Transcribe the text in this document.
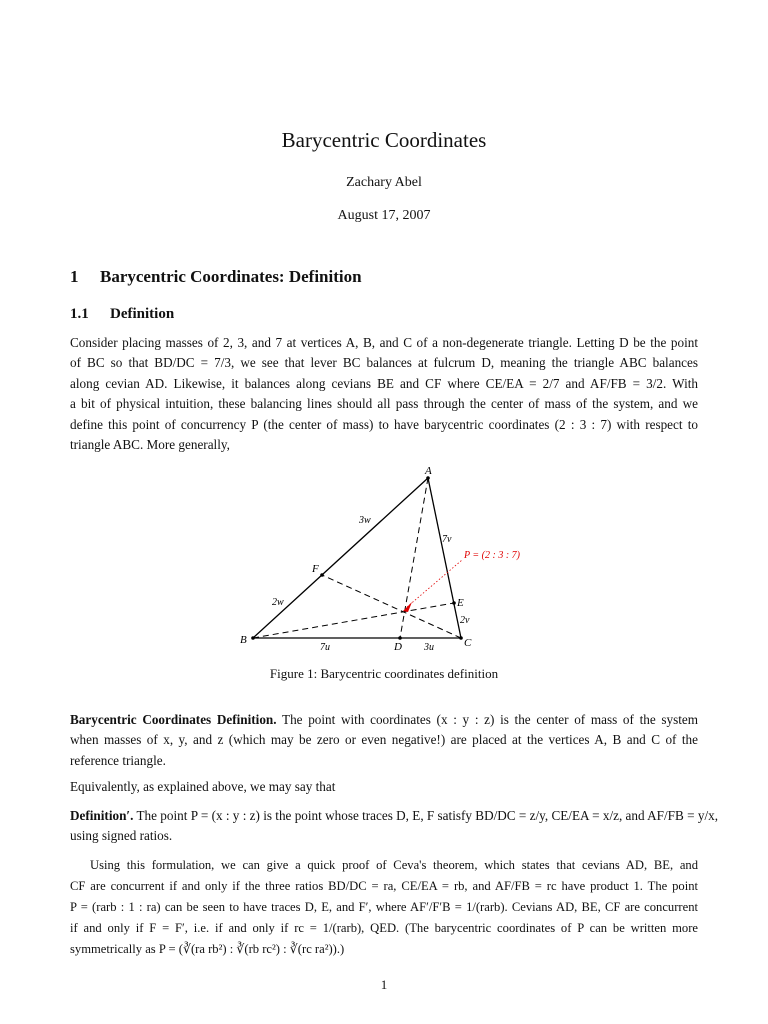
Barycentric Coordinates
Zachary Abel
August 17, 2007
1 Barycentric Coordinates: Definition
1.1 Definition
Consider placing masses of 2, 3, and 7 at vertices A, B, and C of a non-degenerate triangle. Letting D be the point
of BC so that BD/DC = 7/3, we see that lever BC balances at fulcrum D, meaning the triangle ABC balances
along cevian AD. Likewise, it balances along cevians BE and CF where CE/EA = 2/7 and AF/FB = 3/2. With
a bit of physical intuition, these balancing lines should all pass through the center of mass of the system, and we
define this point of concurrency P (the center of mass) to have barycentric coordinates (2 : 3 : 7) with respect to
triangle ABC. More generally,
A
B	C
D
E
F
P = (2 : 3 : 7)
3w
2w
7v
2v
7u	3u
Figure 1: Barycentric coordinates definition
Barycentric Coordinates Definition. The point with coordinates (x : y : z) is the center of mass of the system
when masses of x, y, and z (which may be zero or even negative!) are placed at the vertices A, B and C of the
reference triangle.
Equivalently, as explained above, we may say that
Definition′. The point P = (x : y : z) is the point whose traces D, E, F satisfy BD/DC = z/y, CE/EA = x/z, and AF/FB = y/x,
using signed ratios.
Using this formulation, we can give a quick proof of Ceva's theorem, which states that cevians AD, BE, and
CF are concurrent if and only if the three ratios BD/DC = ra, CE/EA = rb, and AF/FB = rc have product 1. The point
P = (rarb : 1 : ra) can be seen to have traces D, E, and F′, where AF′/F′B = 1/(rarb). Cevians AD, BE, CF are concurrent
if and only if F = F′, i.e. if and only if rc = 1/(rarb), QED. (The barycentric coordinates of P can be written more
symmetrically as P = (∛(ra rb²) : ∛(rb rc²) : ∛(rc ra²)).)
1
